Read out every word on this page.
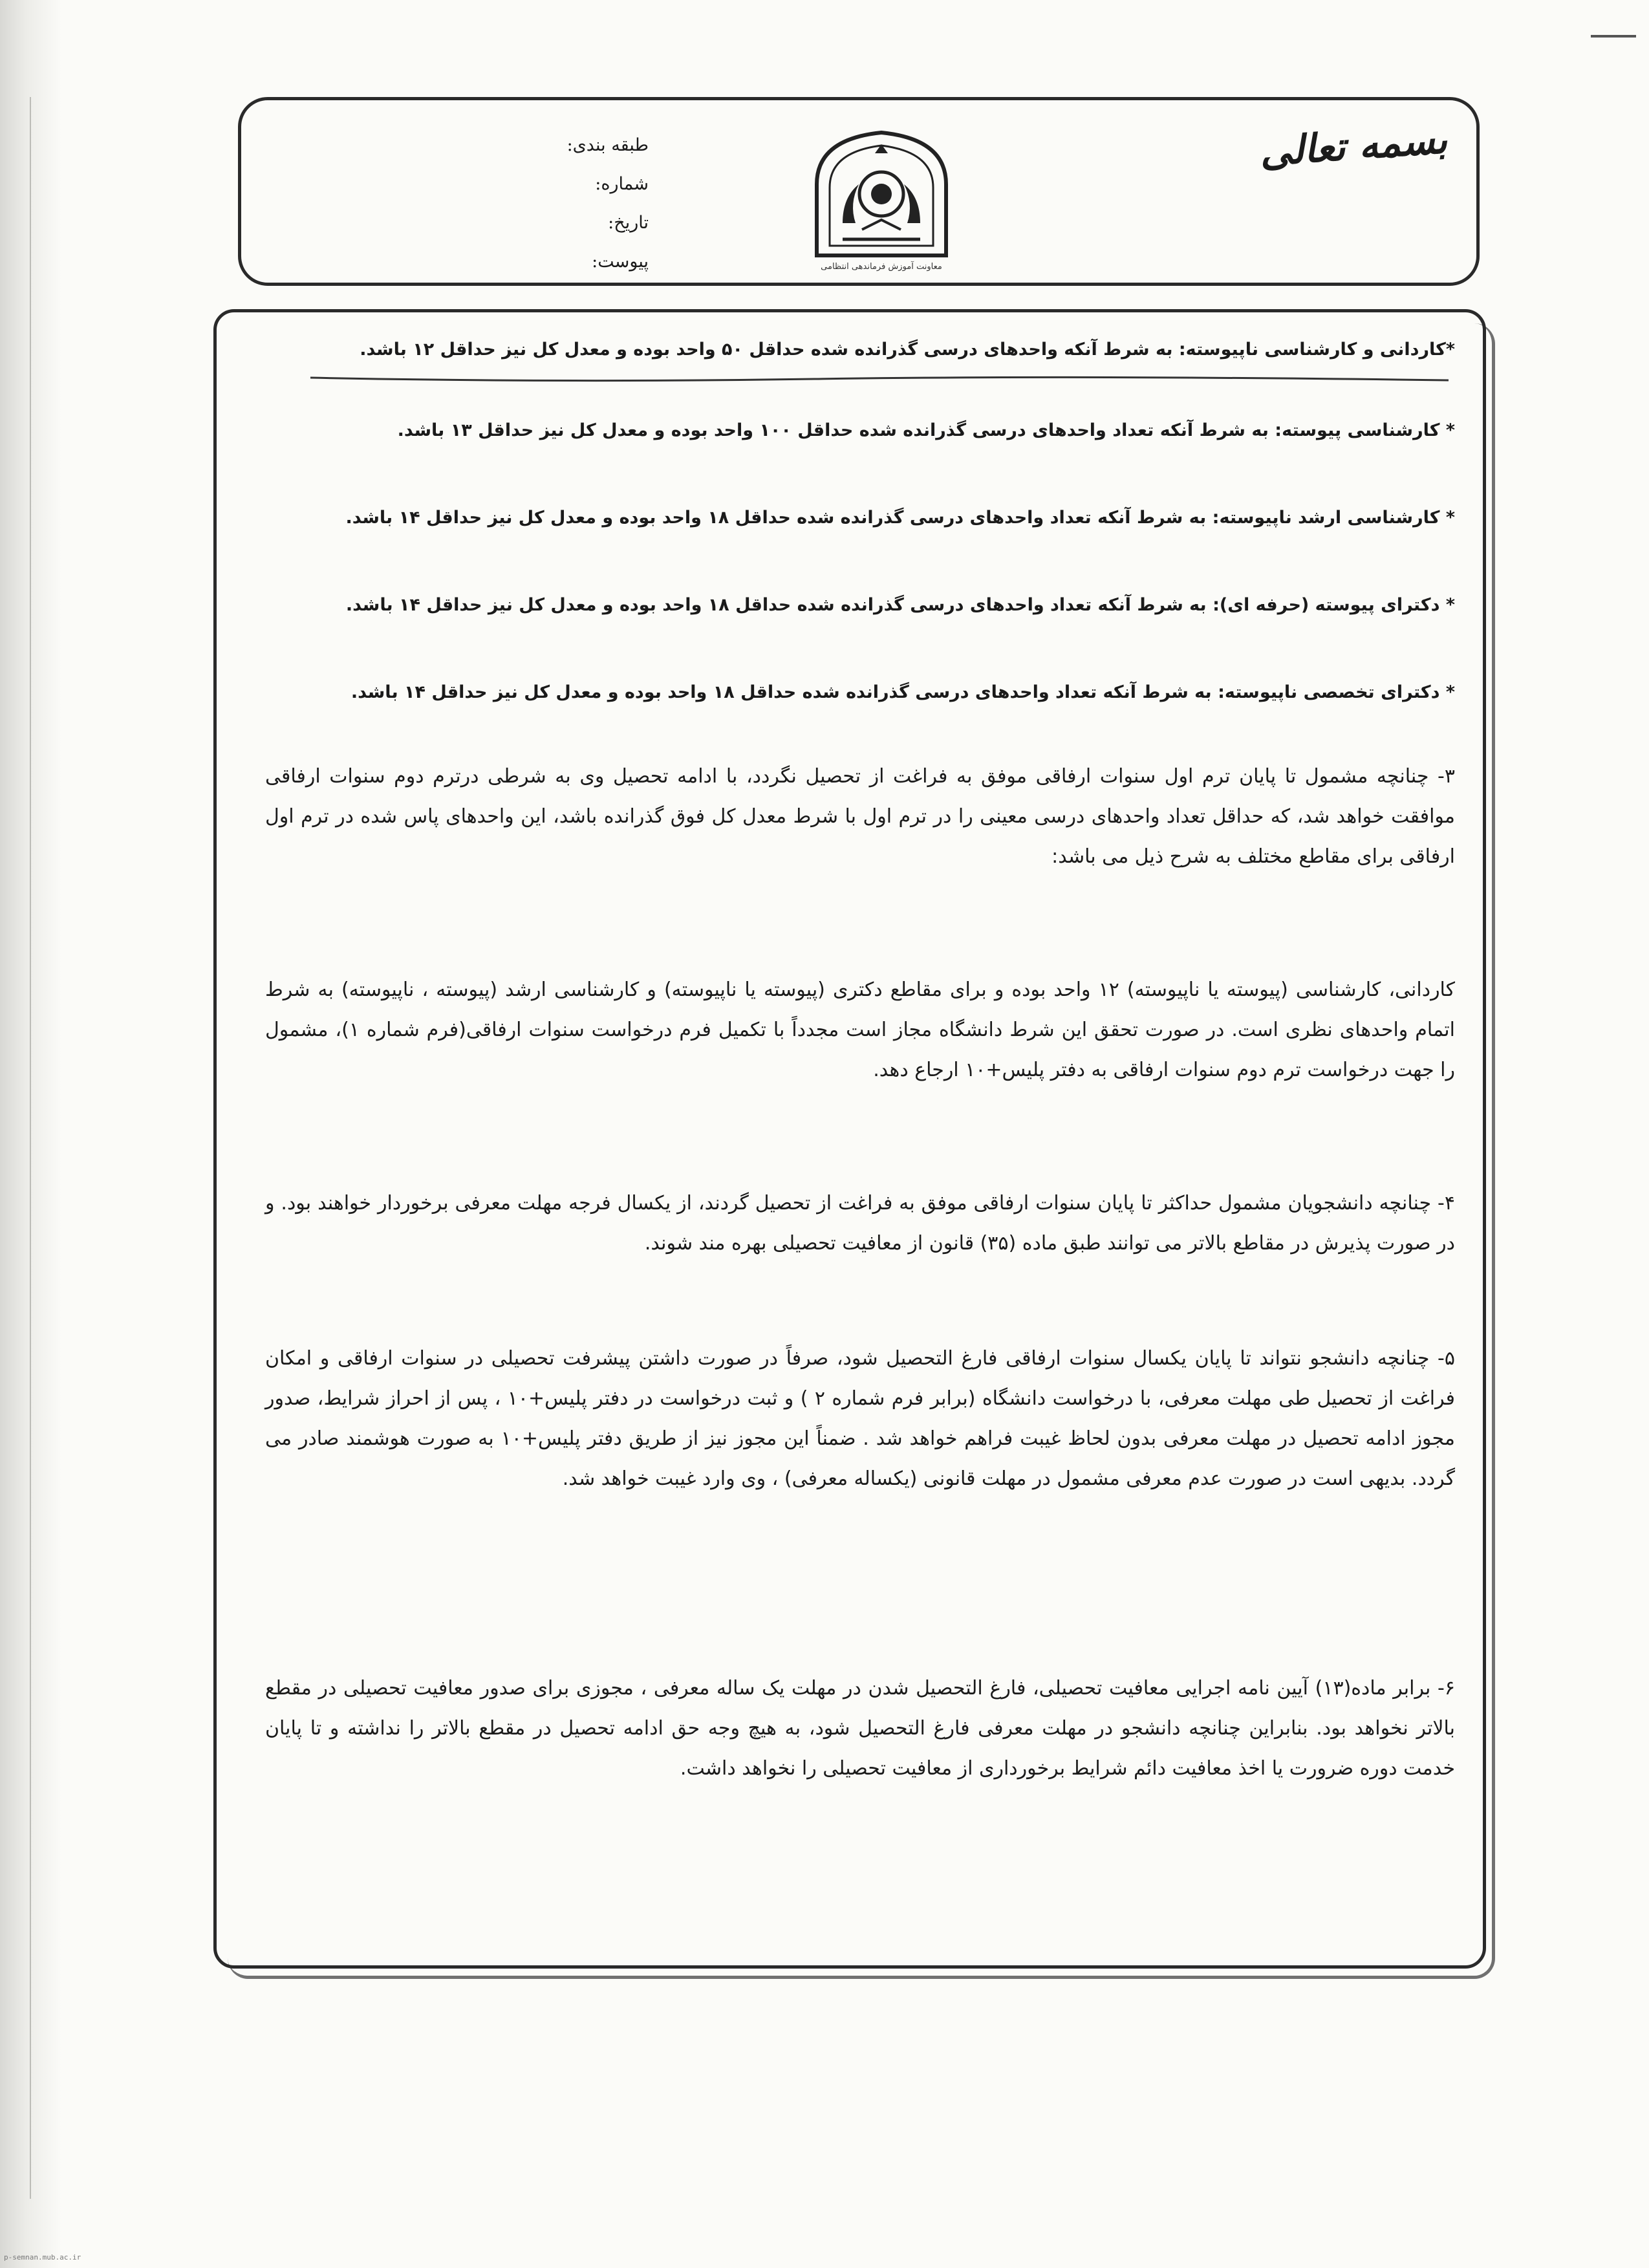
طبقه بندی:
شماره:
تاریخ:
پیوست:	معاونت آموزش فرماندهی انتظامی
بسمه تعالی
*کاردانی و کارشناسی ناپیوسته: به شرط آنکه واحدهای درسی گذرانده شده حداقل ۵۰ واحد بوده و معدل کل نیز حداقل ۱۲ باشد.
* کارشناسی پیوسته: به شرط آنکه تعداد واحدهای درسی گذرانده شده حداقل ۱۰۰ واحد بوده و معدل کل نیز حداقل ۱۳ باشد.
* کارشناسی ارشد ناپیوسته: به شرط آنکه تعداد واحدهای درسی گذرانده شده حداقل ۱۸ واحد بوده و معدل کل نیز حداقل ۱۴ باشد.
* دکترای پیوسته (حرفه ای): به شرط آنکه تعداد واحدهای درسی گذرانده شده حداقل ۱۸ واحد بوده و معدل کل نیز حداقل ۱۴ باشد.
* دکترای تخصصی ناپیوسته: به شرط آنکه تعداد واحدهای درسی گذرانده شده حداقل ۱۸ واحد بوده و معدل کل نیز حداقل ۱۴ باشد.
۳- چنانچه مشمول تا پایان ترم اول سنوات ارفاقی موفق به فراغت از تحصیل نگردد، با ادامه تحصیل وی به شرطی درترم دوم سنوات ارفاقی موافقت خواهد شد، که حداقل تعداد واحدهای درسی معینی را در ترم اول با شرط معدل کل فوق گذرانده باشد، این واحدهای پاس شده در ترم اول ارفاقی برای مقاطع مختلف به شرح ذیل می باشد:
کاردانی، کارشناسی (پیوسته یا ناپیوسته) ۱۲ واحد بوده و برای مقاطع دکتری (پیوسته یا ناپیوسته) و کارشناسی ارشد (پیوسته ، ناپیوسته) به شرط اتمام واحدهای نظری است. در صورت تحقق این شرط دانشگاه مجاز است مجدداً با تکمیل فرم درخواست سنوات ارفاقی(فرم شماره ۱)، مشمول را جهت درخواست ترم دوم سنوات ارفاقی به دفتر پلیس+۱۰ ارجاع دهد.
۴- چنانچه دانشجویان مشمول حداکثر تا پایان سنوات ارفاقی موفق به فراغت از تحصیل گردند، از یکسال فرجه مهلت معرفی برخوردار خواهند بود. و در صورت پذیرش در مقاطع بالاتر می توانند طبق ماده (۳۵) قانون از معافیت تحصیلی بهره مند شوند.
۵- چنانچه دانشجو نتواند تا پایان یکسال سنوات ارفاقی فارغ التحصیل شود، صرفاً در صورت داشتن پیشرفت تحصیلی در سنوات ارفاقی و امکان فراغت از تحصیل طی مهلت معرفی، با درخواست دانشگاه (برابر فرم شماره ۲ ) و ثبت درخواست در دفتر پلیس+۱۰ ، پس از احراز شرایط، صدور مجوز ادامه تحصیل در مهلت معرفی بدون لحاظ غیبت فراهم خواهد شد . ضمناً این مجوز نیز از طریق دفتر پلیس+۱۰ به صورت هوشمند صادر می گردد. بدیهی است در صورت عدم معرفی مشمول در مهلت قانونی (یکساله معرفی) ، وی وارد غیبت خواهد شد.
۶- برابر ماده(۱۳) آیین نامه اجرایی معافیت تحصیلی، فارغ التحصیل شدن در مهلت یک ساله معرفی ، مجوزی برای صدور معافیت تحصیلی در مقطع بالاتر نخواهد بود. بنابراین چنانچه دانشجو در مهلت معرفی فارغ التحصیل شود، به هیچ وجه حق ادامه تحصیل در مقطع بالاتر را نداشته و تا پایان خدمت دوره ضرورت یا اخذ معافیت دائم شرایط برخورداری از معافیت تحصیلی را نخواهد داشت.
p-semnan.mub.ac.ir
